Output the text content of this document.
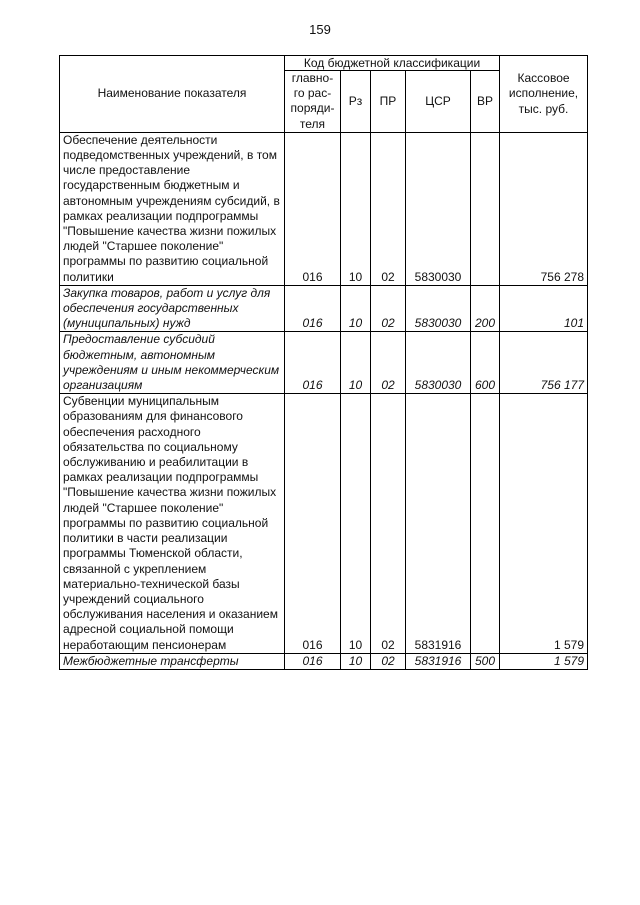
159
Наименование показателя	Код бюджетной классификации					Кассовое исполнение, тыс. руб.
	главно-го рас-поряди-теля	Рз	ПР	ЦСР	ВР	
Обеспечение деятельности подведомственных учреждений, в том числе предоставление государственным бюджетным и автономным учреждениям субсидий, в рамках реализации подпрограммы "Повышение качества жизни пожилых людей "Старшее поколение" программы по развитию социальной политики	016	10	02	5830030		756 278
Закупка товаров, работ и услуг для обеспечения государственных (муниципальных) нужд	016	10	02	5830030	200	101
Предоставление субсидий бюджетным, автономным учреждениям и иным некоммерческим организациям	016	10	02	5830030	600	756 177
Субвенции муниципальным образованиям для финансового обеспечения расходного обязательства по социальному обслуживанию и реабилитации в рамках реализации подпрограммы "Повышение качества жизни пожилых людей "Старшее поколение" программы по развитию социальной политики в части реализации программы Тюменской области, связанной с укреплением материально-технической базы учреждений социального обслуживания населения и оказанием адресной социальной помощи неработающим пенсионерам	016	10	02	5831916		1 579
Межбюджетные трансферты	016	10	02	5831916	500	1 579
